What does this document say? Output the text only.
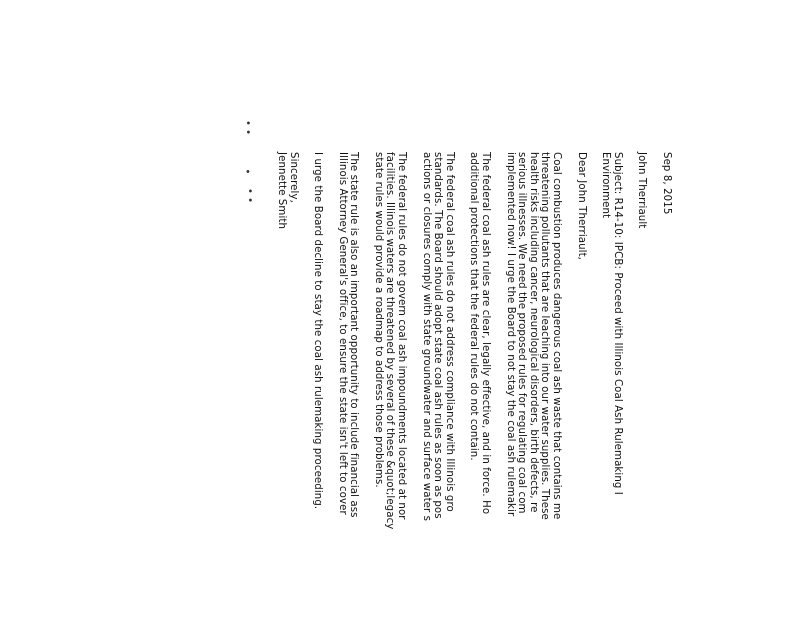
• •
•
• •	Sep 8, 2015

John Therriault

Subject: R14-10: IPCB: Proceed with Illinois Coal Ash Rulemaking I

Environment

Dear John Therriault,

Coal combustion produces dangerous coal ash waste that contains me

threatening pollutants that are leaching into our water supplies. These

health risks including cancer, neurological disorders, birth defects, re

serious illnesses. We need the proposed rules for regulating coal com

implemented now! I urge the Board to not stay the coal ash rulemakir

The federal coal ash rules are clear, legally effective, and in force. Ho

additional protections that the federal rules do not contain.

The federal coal ash rules do not address compliance with Illinois gro

standards. The Board should adopt state coal ash rules as soon as pos

actions or closures comply with state groundwater and surface water s

The federal rules do not govern coal ash impoundments located at nor

facilities. Illinois waters are threatened by several of these &quot;legacy

state rules would provide a roadmap to address those problems.

The state rule is also an important opportunity to include financial ass

Illinois Attorney General's office, to ensure the state isn't left to cover

I urge the Board decline to stay the coal ash rulemaking proceeding.

Sincerely,

Jennette Smith
